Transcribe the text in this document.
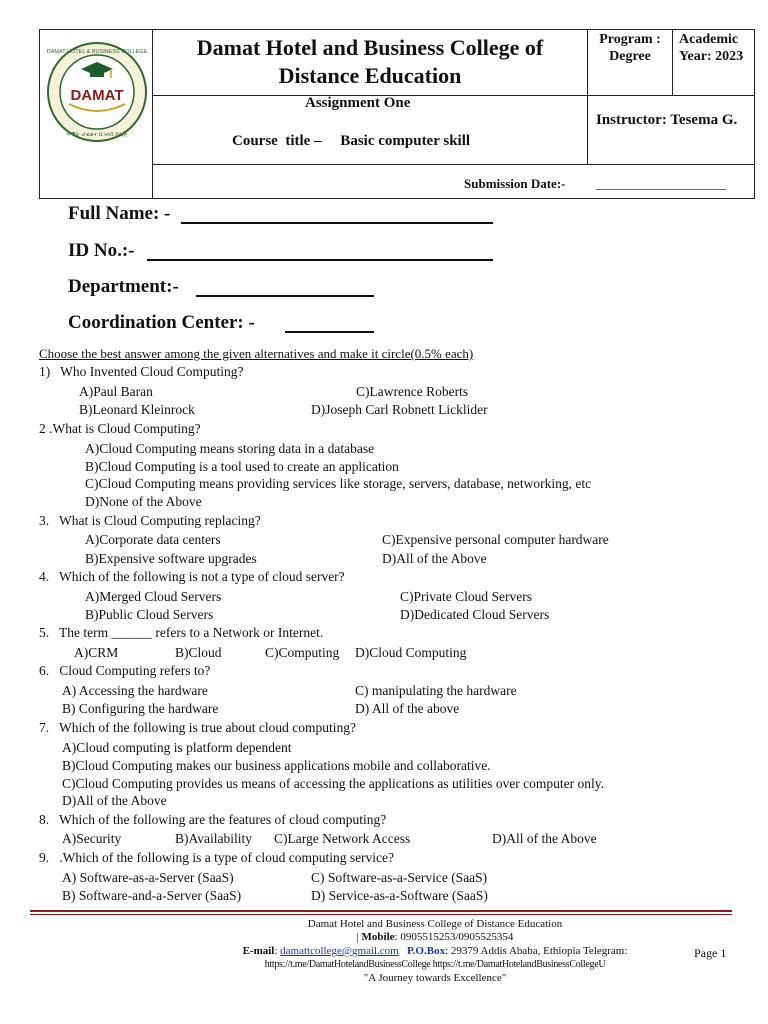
DAMAT
DAMAT HOTEL & BUSINESS COLLEGE
ዳማት ሆቴልና ቢዝነስ ኮሌጅ
Damat Hotel and Business College of Distance Education
Program :
Degree
Academic
Year: 2023
Assignment One
Course  title –     Basic computer skill
Instructor: Tesema G.
Submission Date:- ____________________
Full Name: -
ID No.:-
Department:-
Coordination Center: -
Choose the best answer among the given alternatives and make it circle(0.5% each)
1)   Who Invented Cloud Computing?
A)Paul Baran	C)Lawrence Roberts
B)Leonard Kleinrock	D)Joseph Carl Robnett Licklider
2 .What is Cloud Computing?
A)Cloud Computing means storing data in a database
B)Cloud Computing is a tool used to create an application
C)Cloud Computing means providing services like storage, servers, database, networking, etc
D)None of the Above
3.   What is Cloud Computing replacing?
A)Corporate data centers	C)Expensive personal computer hardware
B)Expensive software upgrades	D)All of the Above
4.   Which of the following is not a type of cloud server?
A)Merged Cloud Servers	C)Private Cloud Servers
B)Public Cloud Servers	D)Dedicated Cloud Servers
5.   The term ______ refers to a Network or Internet.
A)CRM	B)Cloud	C)Computing D)Cloud Computing
6.   Cloud Computing refers to?
A) Accessing the hardware	C) manipulating the hardware
B) Configuring the hardware	D) All of the above
7.   Which of the following is true about cloud computing?
A)Cloud computing is platform dependent
B)Cloud Computing makes our business applications mobile and collaborative.
C)Cloud Computing provides us means of accessing the applications as utilities over computer only.
D)All of the Above
8.   Which of the following are the features of cloud computing?
A)Security	B)Availability C)Large Network Access	D)All of the Above
9.   .Which of the following is a type of cloud computing service?
A) Software-as-a-Server (SaaS)	C) Software-as-a-Service (SaaS)
B) Software-and-a-Server (SaaS)	D) Service-as-a-Software (SaaS)
Damat Hotel and Business College of Distance Education
| Mobile: 0905515253/0905525354
E-mail: damattcollege@gmail.com P.O.Box: 29379 Addis Ababa, Ethiopia Telegram:
https://t.me/DamatHotelandBusinessCollege https://t.me/DamatHotelandBusinessCollegeU
"A Journey towards Excellence"
Page 1
